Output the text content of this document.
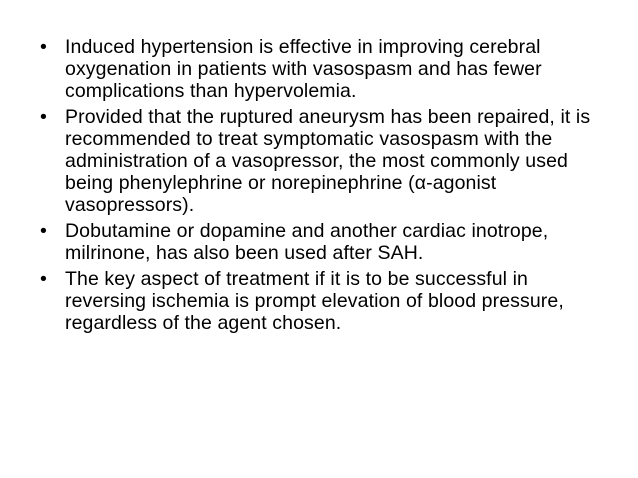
• Induced hypertension is effective in improving cerebral oxygenation in patients with vasospasm and has fewer complications than hypervolemia.
• Provided that the ruptured aneurysm has been repaired, it is recommended to treat symptomatic vasospasm with the administration of a vasopressor, the most commonly used being phenylephrine or norepinephrine (α-agonist vasopressors).
• Dobutamine or dopamine and another cardiac inotrope, milrinone, has also been used after SAH.
• The key aspect of treatment if it is to be successful in reversing ischemia is prompt elevation of blood pressure, regardless of the agent chosen.
